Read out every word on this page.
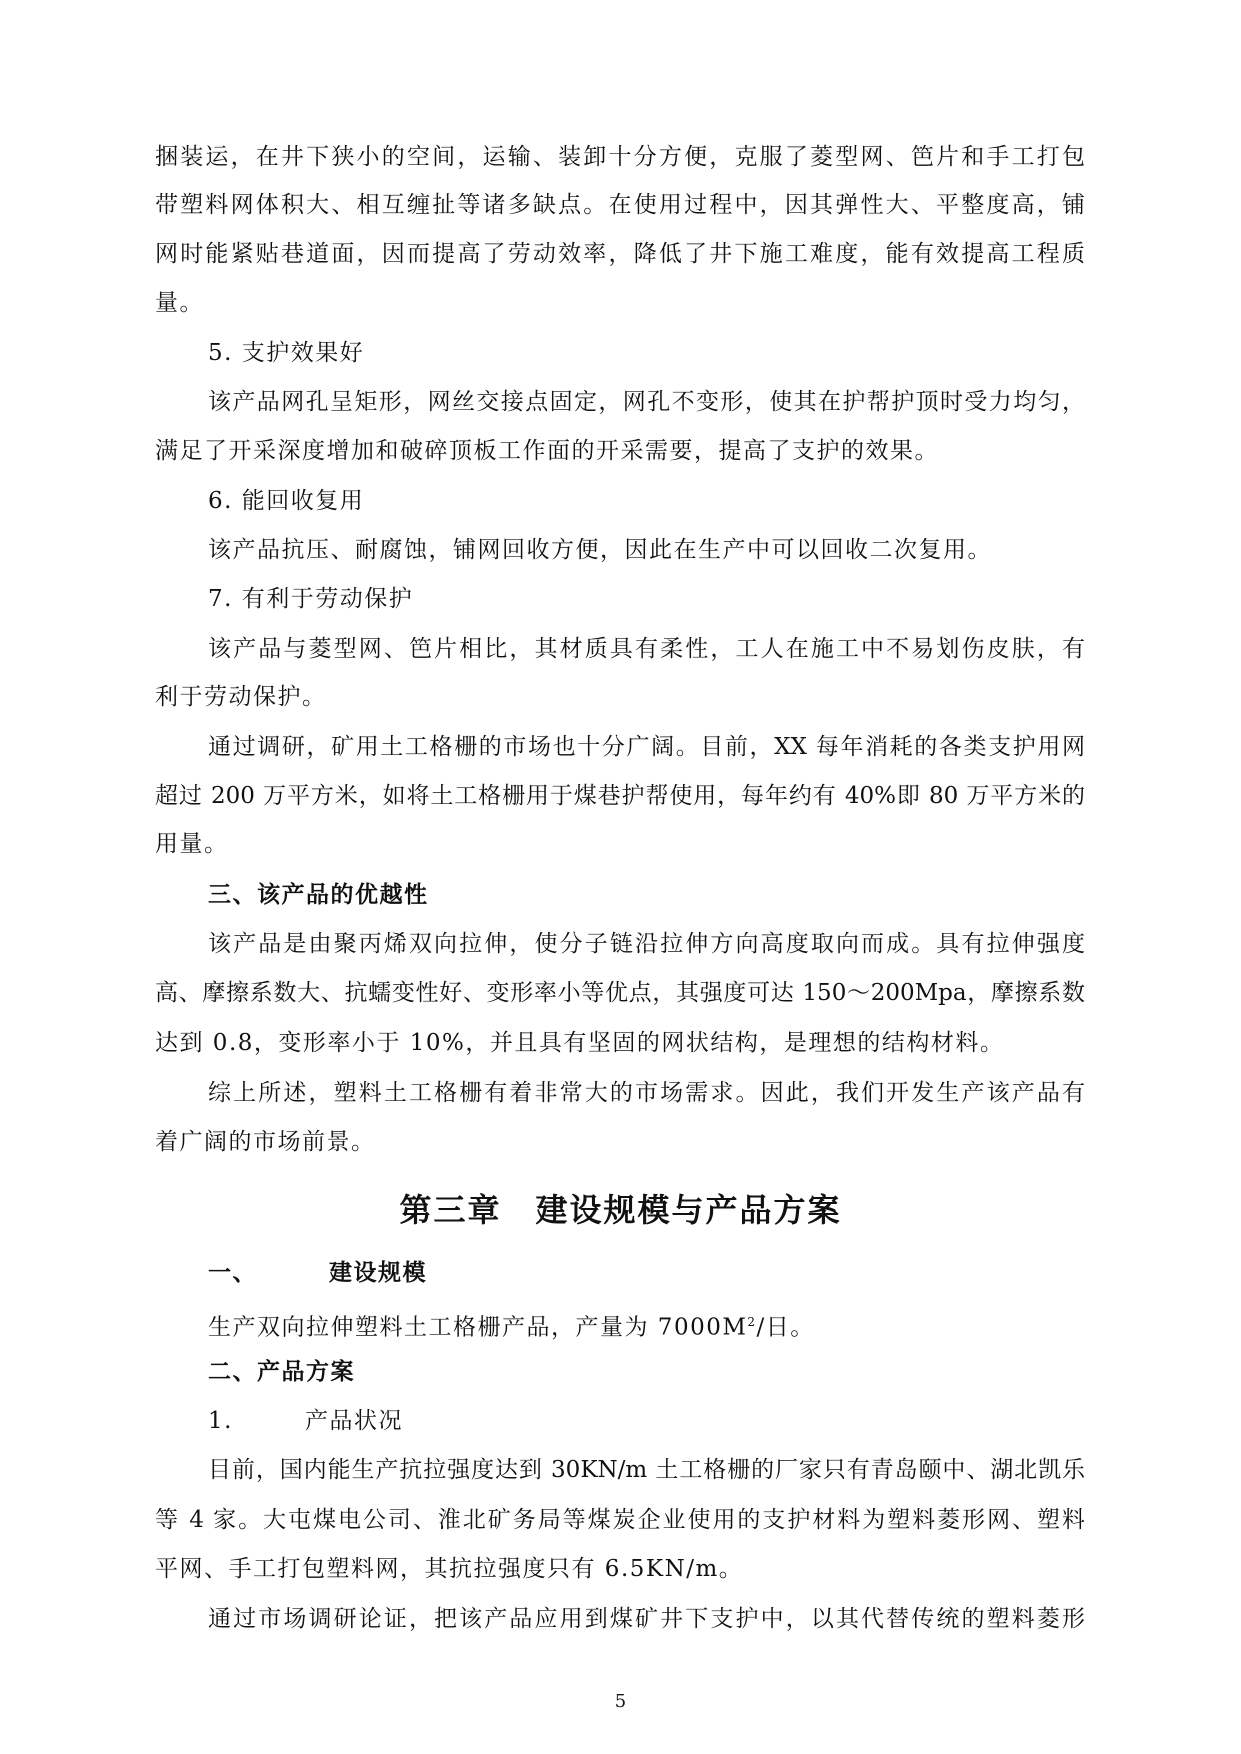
捆装运，在井下狭小的空间，运输、装卸十分方便，克服了菱型网、笆片和手工打包
带塑料网体积大、相互缠扯等诸多缺点。在使用过程中，因其弹性大、平整度高，铺
网时能紧贴巷道面，因而提高了劳动效率，降低了井下施工难度，能有效提高工程质
量。
5. 支护效果好
该产品网孔呈矩形，网丝交接点固定，网孔不变形，使其在护帮护顶时受力均匀，
满足了开采深度增加和破碎顶板工作面的开采需要，提高了支护的效果。
6. 能回收复用
该产品抗压、耐腐蚀，铺网回收方便，因此在生产中可以回收二次复用。
7. 有利于劳动保护
该产品与菱型网、笆片相比，其材质具有柔性，工人在施工中不易划伤皮肤，有
利于劳动保护。
通过调研，矿用土工格栅的市场也十分广阔。目前，XX 每年消耗的各类支护用网
超过 200 万平方米，如将土工格栅用于煤巷护帮使用，每年约有 40%即 80 万平方米的
用量。
三、该产品的优越性
该产品是由聚丙烯双向拉伸，使分子链沿拉伸方向高度取向而成。具有拉伸强度
高、摩擦系数大、抗蠕变性好、变形率小等优点，其强度可达 150～200Mpa，摩擦系数
达到 0.8，变形率小于 10%，并且具有坚固的网状结构，是理想的结构材料。
综上所述，塑料土工格栅有着非常大的市场需求。因此，我们开发生产该产品有
着广阔的市场前景。
第三章　建设规模与产品方案
一、	建设规模
生产双向拉伸塑料土工格栅产品，产量为 $7000M^2/$日。
二、产品方案
1.	产品状况
目前，国内能生产抗拉强度达到 30KN/m 土工格栅的厂家只有青岛颐中、湖北凯乐
等 4 家。大屯煤电公司、淮北矿务局等煤炭企业使用的支护材料为塑料菱形网、塑料
平网、手工打包塑料网，其抗拉强度只有 6.5KN/m。
通过市场调研论证，把该产品应用到煤矿井下支护中，以其代替传统的塑料菱形
5
